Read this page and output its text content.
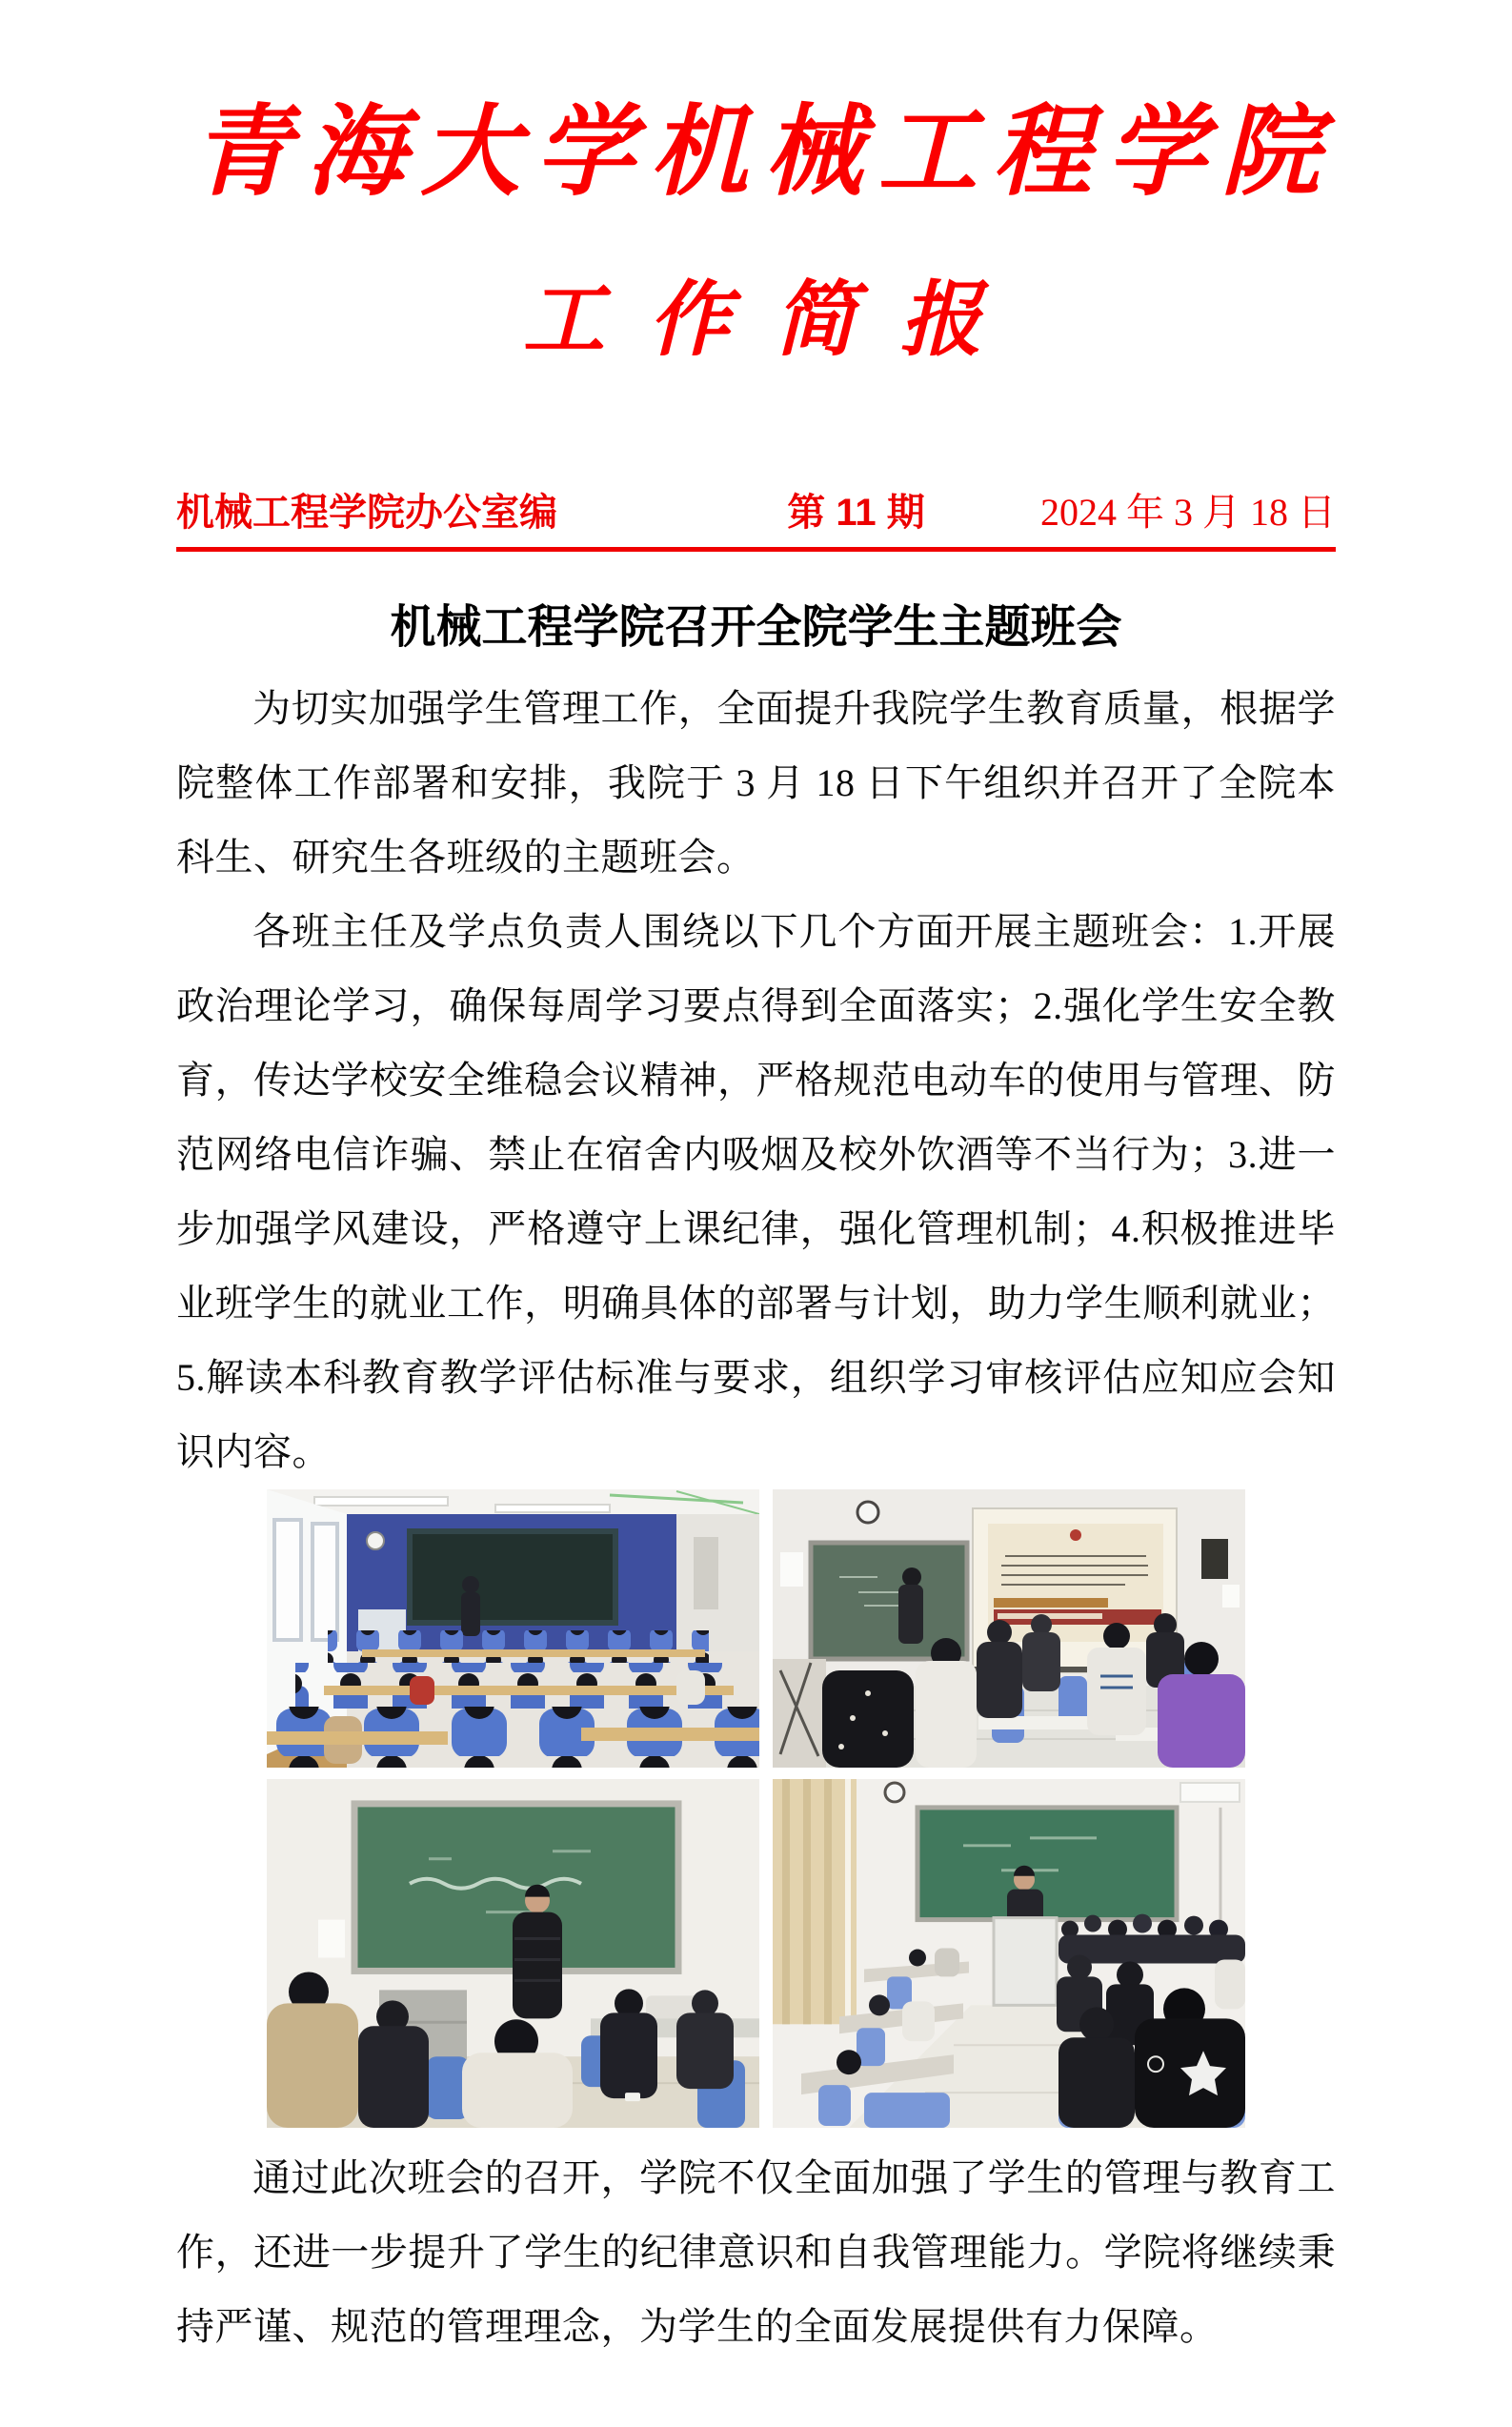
青海大学机械工程学院
工 作 简 报
机械工程学院办公室编	第 11 期	2024 年 3 月 18 日
机械工程学院召开全院学生主题班会

为切实加强学生管理工作，全面提升我院学生教育质量，根据学院整体工作部署和安排，我院于 3 月 18 日下午组织并召开了全院本科生、研究生各班级的主题班会。

各班主任及学点负责人围绕以下几个方面开展主题班会：1.开展政治理论学习，确保每周学习要点得到全面落实；2.强化学生安全教育，传达学校安全维稳会议精神，严格规范电动车的使用与管理、防范网络电信诈骗、禁止在宿舍内吸烟及校外饮酒等不当行为；3.进一步加强学风建设，严格遵守上课纪律，强化管理机制；4.积极推进毕业班学生的就业工作，明确具体的部署与计划，助力学生顺利就业；5.解读本科教育教学评估标准与要求，组织学习审核评估应知应会知识内容。

通过此次班会的召开，学院不仅全面加强了学生的管理与教育工作，还进一步提升了学生的纪律意识和自我管理能力。学院将继续秉持严谨、规范的管理理念，为学生的全面发展提供有力保障。
